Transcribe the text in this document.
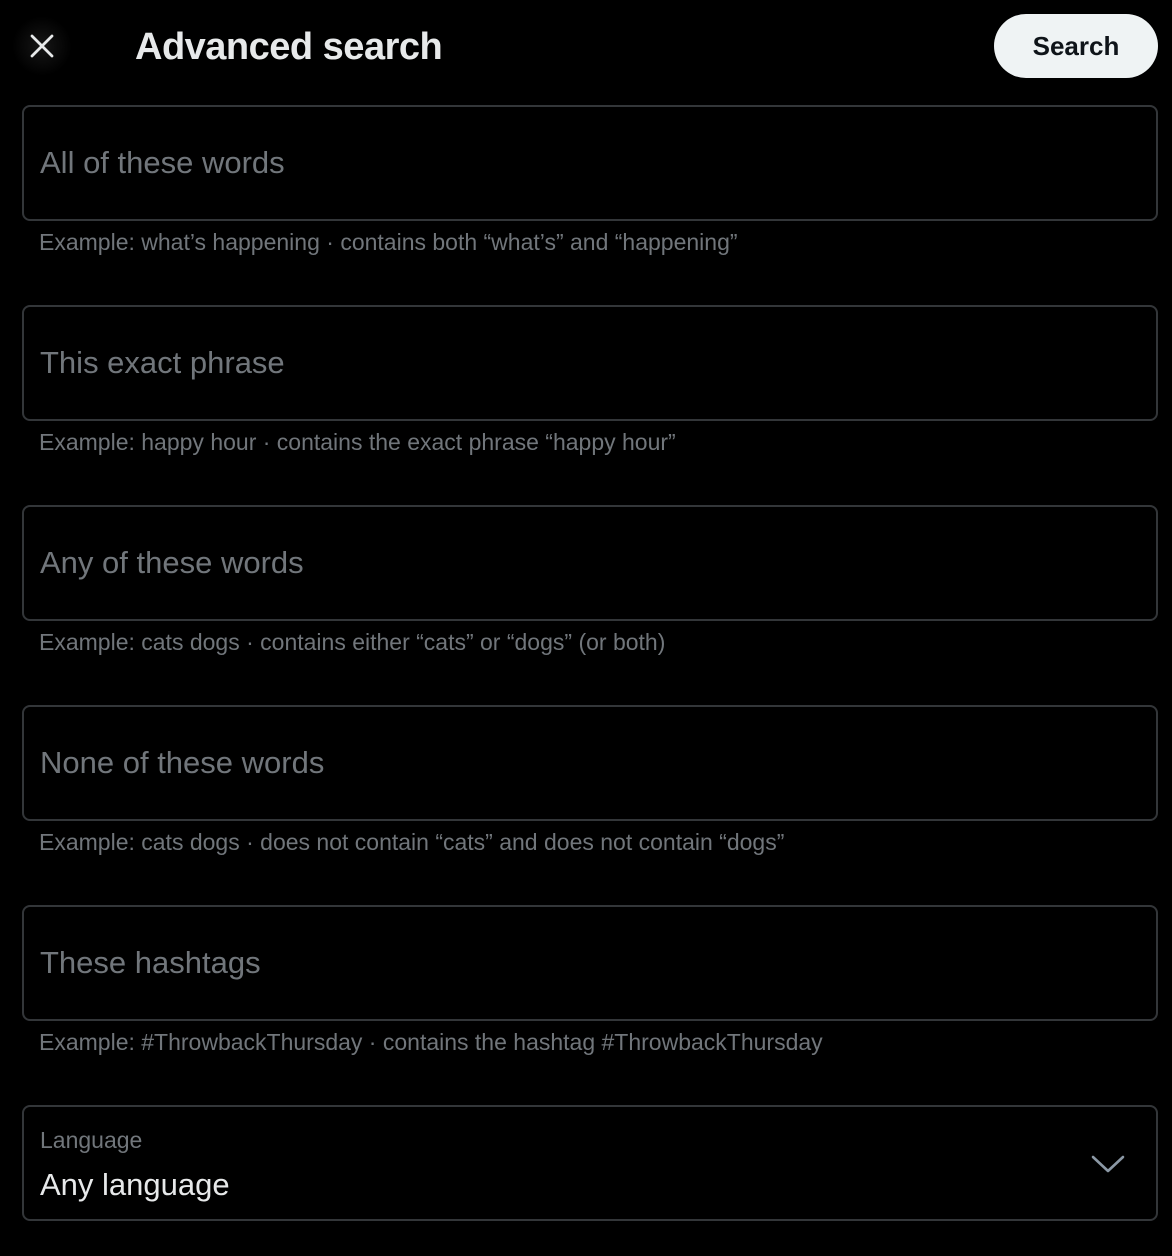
Advanced search	Search
All of these words
Example: what’s happening · contains both “what’s” and “happening”
This exact phrase
Example: happy hour · contains the exact phrase “happy hour”
Any of these words
Example: cats dogs · contains either “cats” or “dogs” (or both)
None of these words
Example: cats dogs · does not contain “cats” and does not contain “dogs”
These hashtags
Example: #ThrowbackThursday · contains the hashtag #ThrowbackThursday
Language
Any language
